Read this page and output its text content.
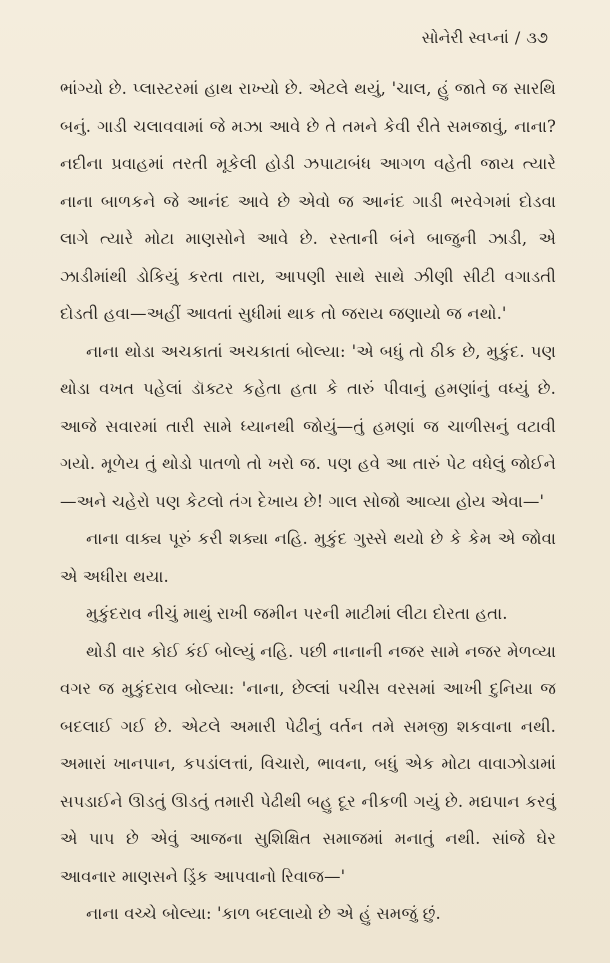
સોનેરી સ્વપ્નાં / ૩૭

ભાંગ્યો છે. પ્લાસ્ટરમાં હાથ રાખ્યો છે. એટલે થયું, 'ચાલ, હું જાતે જ સારથિ બનું. ગાડી ચલાવવામાં જે મઝા આવે છે તે તમને કેવી રીતે સમજાવું, નાના? નદીના પ્રવાહમાં તરતી મૂકેલી હોડી ઝપાટાબંધ આગળ વહેતી જાય ત્યારે નાના બાળકને જે આનંદ આવે છે એવો જ આનંદ ગાડી ભરવેગમાં દોડવા લાગે ત્યારે મોટા માણસોને આવે છે. રસ્તાની બંને બાજુની ઝાડી, એ ઝાડીમાંથી ડોકિયું કરતા તારા, આપણી સાથે સાથે ઝીણી સીટી વગાડતી દોડતી હવા—અહીં આવતાં સુધીમાં થાક તો જરાય જણાયો જ નથો.'

નાના થોડા અચકાતાં અચકાતાં બોલ્યા: 'એ બધું તો ઠીક છે, મુકુંદ. પણ થોડા વખત પહેલાં ડૉક્ટર કહેતા હતા કે તારું પીવાનું હમણાંનું વધ્યું છે. આજે સવારમાં તારી સામે ધ્યાનથી જોયું—તું હમણાં જ ચાળીસનું વટાવી ગયો. મૂળેય તું થોડો પાતળો તો ખરો જ. પણ હવે આ તારું પેટ વધેલું જોઈને—અને ચહેરો પણ કેટલો તંગ દેખાય છે! ગાલ સોજો આવ્યા હોય એવા—'

નાના વાક્ય પૂરું કરી શક્યા નહિ. મુકુંદ ગુસ્સે થયો છે કે કેમ એ જોવા એ અધીરા થયા.

મુકુંદરાવ નીચું માથું રાખી જમીન પરની માટીમાં લીટા દોરતા હતા.

થોડી વાર કોઈ કંઈ બોલ્યું નહિ. પછી નાનાની નજર સામે નજર મેળવ્યા વગર જ મુકુંદરાવ બોલ્યા: 'નાના, છેલ્લાં પચીસ વરસમાં આખી દુનિયા જ બદલાઈ ગઈ છે. એટલે અમારી પેઢીનું વર્તન તમે સમજી શકવાના નથી. અમારાં ખાનપાન, કપડાંલત્તાં, વિચારો, ભાવના, બધું એક મોટા વાવાઝોડામાં સપડાઈને ઊડતું ઊડતું તમારી પેઢીથી બહુ દૂર નીકળી ગયું છે. મદ્યપાન કરવું એ પાપ છે એવું આજના સુશિક્ષિત સમાજમાં મનાતું નથી. સાંજે ઘેર આવનાર માણસને ડ્રિંક આપવાનો રિવાજ—'

નાના વચ્ચે બોલ્યા: 'કાળ બદલાયો છે એ હું સમજું છું.
